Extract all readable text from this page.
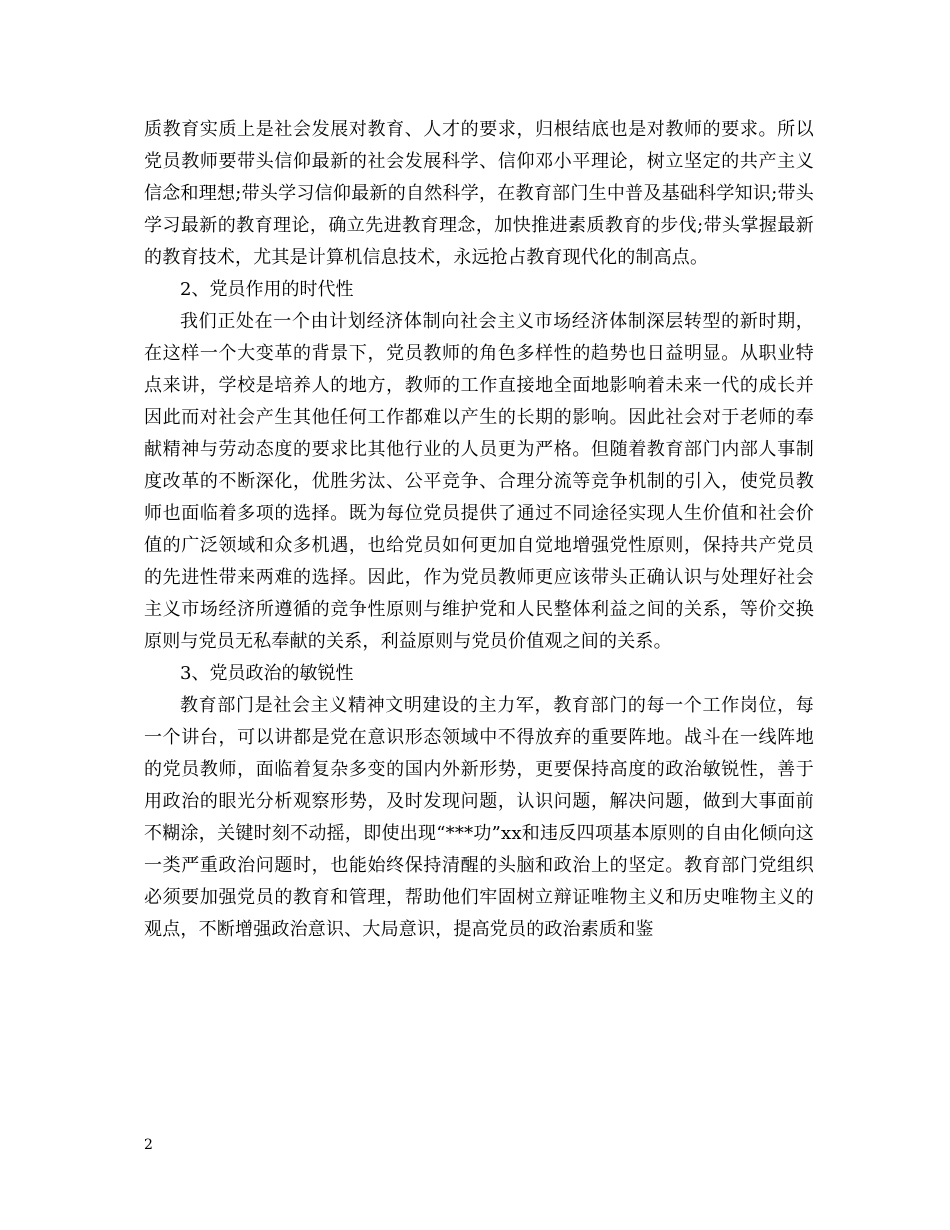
质教育实质上是社会发展对教育、人才的要求，归根结底也是对教师的要求。所以党员教师要带头信仰最新的社会发展科学、信仰邓小平理论，树立坚定的共产主义信念和理想;带头学习信仰最新的自然科学，在教育部门生中普及基础科学知识;带头学习最新的教育理论，确立先进教育理念，加快推进素质教育的步伐;带头掌握最新的教育技术，尤其是计算机信息技术，永远抢占教育现代化的制高点。

2、党员作用的时代性

我们正处在一个由计划经济体制向社会主义市场经济体制深层转型的新时期，在这样一个大变革的背景下，党员教师的角色多样性的趋势也日益明显。从职业特点来讲，学校是培养人的地方，教师的工作直接地全面地影响着未来一代的成长并因此而对社会产生其他任何工作都难以产生的长期的影响。因此社会对于老师的奉献精神与劳动态度的要求比其他行业的人员更为严格。但随着教育部门内部人事制度改革的不断深化，优胜劣汰、公平竞争、合理分流等竞争机制的引入，使党员教师也面临着多项的选择。既为每位党员提供了通过不同途径实现人生价值和社会价值的广泛领域和众多机遇，也给党员如何更加自觉地增强党性原则，保持共产党员的先进性带来两难的选择。因此，作为党员教师更应该带头正确认识与处理好社会主义市场经济所遵循的竞争性原则与维护党和人民整体利益之间的关系，等价交换原则与党员无私奉献的关系，利益原则与党员价值观之间的关系。

3、党员政治的敏锐性

教育部门是社会主义精神文明建设的主力军，教育部门的每一个工作岗位，每一个讲台，可以讲都是党在意识形态领域中不得放弃的重要阵地。战斗在一线阵地的党员教师，面临着复杂多变的国内外新形势，更要保持高度的政治敏锐性，善于用政治的眼光分析观察形势，及时发现问题，认识问题，解决问题，做到大事面前不糊涂，关键时刻不动摇，即使出现“***功”xx和违反四项基本原则的自由化倾向这一类严重政治问题时，也能始终保持清醒的头脑和政治上的坚定。教育部门党组织必须要加强党员的教育和管理，帮助他们牢固树立辩证唯物主义和历史唯物主义的观点，不断增强政治意识、大局意识，提高党员的政治素质和鉴

2
